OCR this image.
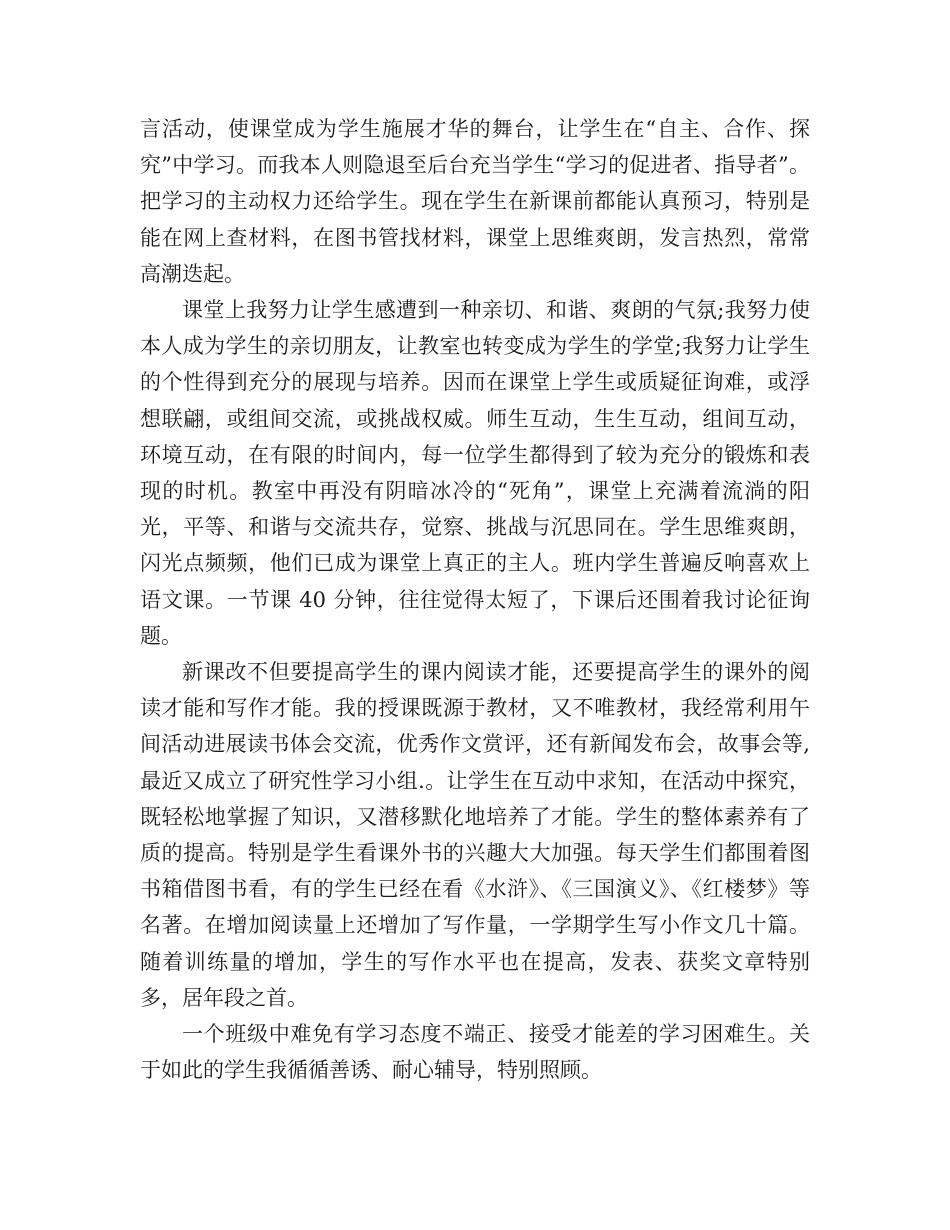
言活动，使课堂成为学生施展才华的舞台，让学生在“自主、合作、探究”中学习。而我本人则隐退至后台充当学生“学习的促进者、指导者”。把学习的主动权力还给学生。现在学生在新课前都能认真预习，特别是能在网上查材料，在图书管找材料，课堂上思维爽朗，发言热烈，常常高潮迭起。

课堂上我努力让学生感遭到一种亲切、和谐、爽朗的气氛;我努力使本人成为学生的亲切朋友，让教室也转变成为学生的学堂;我努力让学生的个性得到充分的展现与培养。因而在课堂上学生或质疑征询难，或浮想联翩，或组间交流，或挑战权威。师生互动，生生互动，组间互动，环境互动，在有限的时间内，每一位学生都得到了较为充分的锻炼和表现的时机。教室中再没有阴暗冰冷的“死角”，课堂上充满着流淌的阳光，平等、和谐与交流共存，觉察、挑战与沉思同在。学生思维爽朗，闪光点频频，他们已成为课堂上真正的主人。班内学生普遍反响喜欢上语文课。一节课 40 分钟，往往觉得太短了，下课后还围着我讨论征询题。

新课改不但要提高学生的课内阅读才能，还要提高学生的课外的阅读才能和写作才能。我的授课既源于教材，又不唯教材，我经常利用午间活动进展读书体会交流，优秀作文赏评，还有新闻发布会，故事会等,最近又成立了研究性学习小组.。让学生在互动中求知，在活动中探究，既轻松地掌握了知识，又潜移默化地培养了才能。学生的整体素养有了质的提高。特别是学生看课外书的兴趣大大加强。每天学生们都围着图书箱借图书看，有的学生已经在看《水浒》、《三国演义》、《红楼梦》等名著。在增加阅读量上还增加了写作量，一学期学生写小作文几十篇。随着训练量的增加，学生的写作水平也在提高，发表、获奖文章特别多，居年段之首。

一个班级中难免有学习态度不端正、接受才能差的学习困难生。关于如此的学生我循循善诱、耐心辅导，特别照顾。
